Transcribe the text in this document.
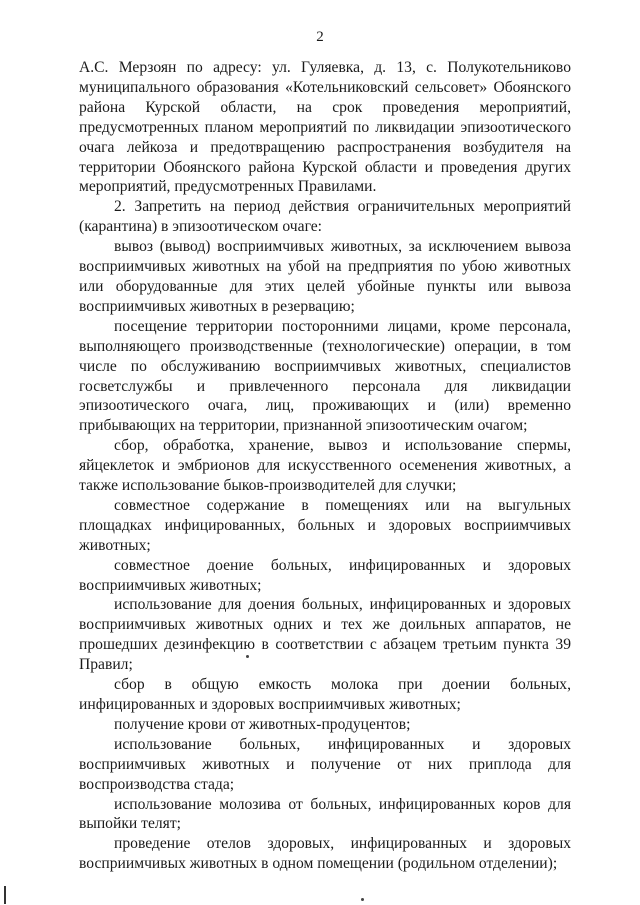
2

А.С. Мерзоян по адресу: ул. Гуляевка, д. 13, с. Полукотельниково муниципального образования «Котельниковский сельсовет» Обоянского района Курской области, на срок проведения мероприятий, предусмотренных планом мероприятий по ликвидации эпизоотического очага лейкоза и предотвращению распространения возбудителя на территории Обоянского района Курской области и проведения других мероприятий, предусмотренных Правилами.

2. Запретить на период действия ограничительных мероприятий (карантина) в эпизоотическом очаге:

вывоз (вывод) восприимчивых животных, за исключением вывоза восприимчивых животных на убой на предприятия по убою животных или оборудованные для этих целей убойные пункты или вывоза восприимчивых животных в резервацию;

посещение территории посторонними лицами, кроме персонала, выполняющего производственные (технологические) операции, в том числе по обслуживанию восприимчивых животных, специалистов госветслужбы и привлеченного персонала для ликвидации эпизоотического очага, лиц, проживающих и (или) временно прибывающих на территории, признанной эпизоотическим очагом;

сбор, обработка, хранение, вывоз и использование спермы, яйцеклеток и эмбрионов для искусственного осеменения животных, а также использование быков-производителей для случки;

совместное содержание в помещениях или на выгульных площадках инфицированных, больных и здоровых восприимчивых животных;

совместное доение больных, инфицированных и здоровых восприимчивых животных;

использование для доения больных, инфицированных и здоровых восприимчивых животных одних и тех же доильных аппаратов, не прошедших дезинфекцию в соответствии с абзацем третьим пункта 39 Правил;

сбор в общую емкость молока при доении больных, инфицированных и здоровых восприимчивых животных;

получение крови от животных-продуцентов;

использование больных, инфицированных и здоровых восприимчивых животных и получение от них приплода для воспроизводства стада;

использование молозива от больных, инфицированных коров для выпойки телят;

проведение отелов здоровых, инфицированных и здоровых восприимчивых животных в одном помещении (родильном отделении);
